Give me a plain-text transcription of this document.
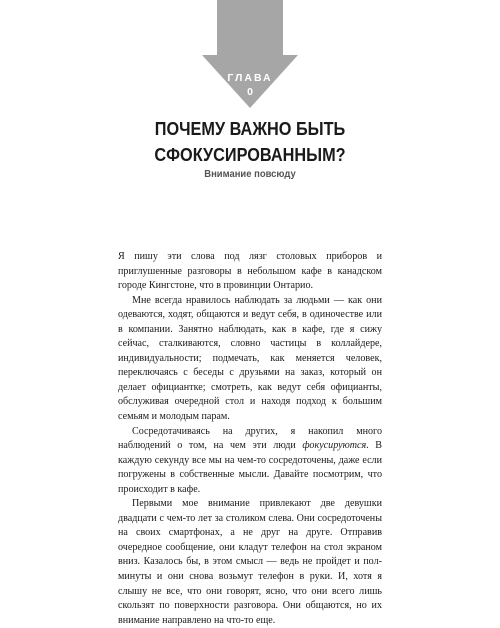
ГЛАВА
0
ПОЧЕМУ ВАЖНО БЫТЬ
СФОКУСИРОВАННЫМ?
Внимание повсюду

Я пишу эти слова под лязг столовых приборов и приглушенные разговоры в небольшом кафе в канадском городе Кингстоне, что в провинции Онтарио.

Мне всегда нравилось наблюдать за людьми — как они одеваются, ходят, общаются и ведут себя, в одиночестве или в компании. Занятно наблюдать, как в кафе, где я сижу сейчас, сталкиваются, словно частицы в коллайдере, индивидуальности; подмечать, как меняется человек, переключаясь с беседы с друзьями на заказ, который он делает официантке; смотреть, как ведут себя официанты, обслуживая очередной стол и находя подход к большим семьям и молодым парам.

Сосредотачиваясь на других, я накопил много наблюдений о том, на чем эти люди фокусируются. В каждую секунду все мы на чем-то сосредоточены, даже если погружены в собственные мысли. Давайте посмотрим, что происходит в кафе.

Первыми мое внимание привлекают две девушки двадцати с чем-то лет за столиком слева. Они сосредоточены на своих смартфонах, а не друг на друге. Отправив очередное сообщение, они кладут телефон на стол экраном вниз. Казалось бы, в этом смысл — ведь не пройдет и пол-минуты и они снова возьмут телефон в руки. И, хотя я слышу не все, что они говорят, ясно, что они всего лишь скользят по поверхности разговора. Они общаются, но их внимание направлено на что-то еще.
